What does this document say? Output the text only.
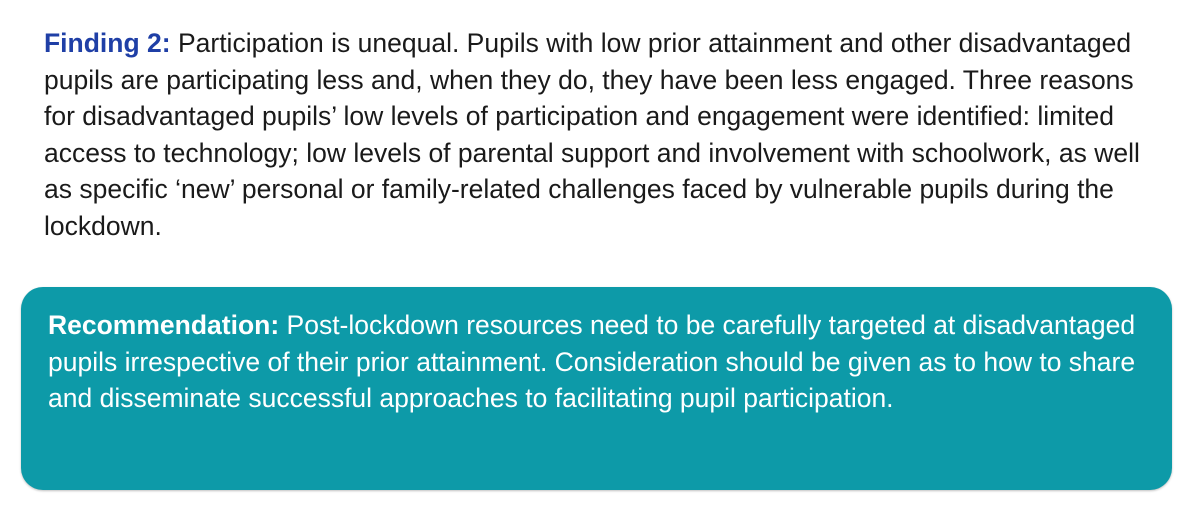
Finding 2: Participation is unequal. Pupils with low prior attainment and other disadvantaged pupils are participating less and, when they do, they have been less engaged. Three reasons for disadvantaged pupils’ low levels of participation and engagement were identified: limited access to technology; low levels of parental support and involvement with schoolwork, as well as specific ‘new’ personal or family-related challenges faced by vulnerable pupils during the lockdown.

Recommendation: Post-lockdown resources need to be carefully targeted at disadvantaged pupils irrespective of their prior attainment. Consideration should be given as to how to share and disseminate successful approaches to facilitating pupil participation.
